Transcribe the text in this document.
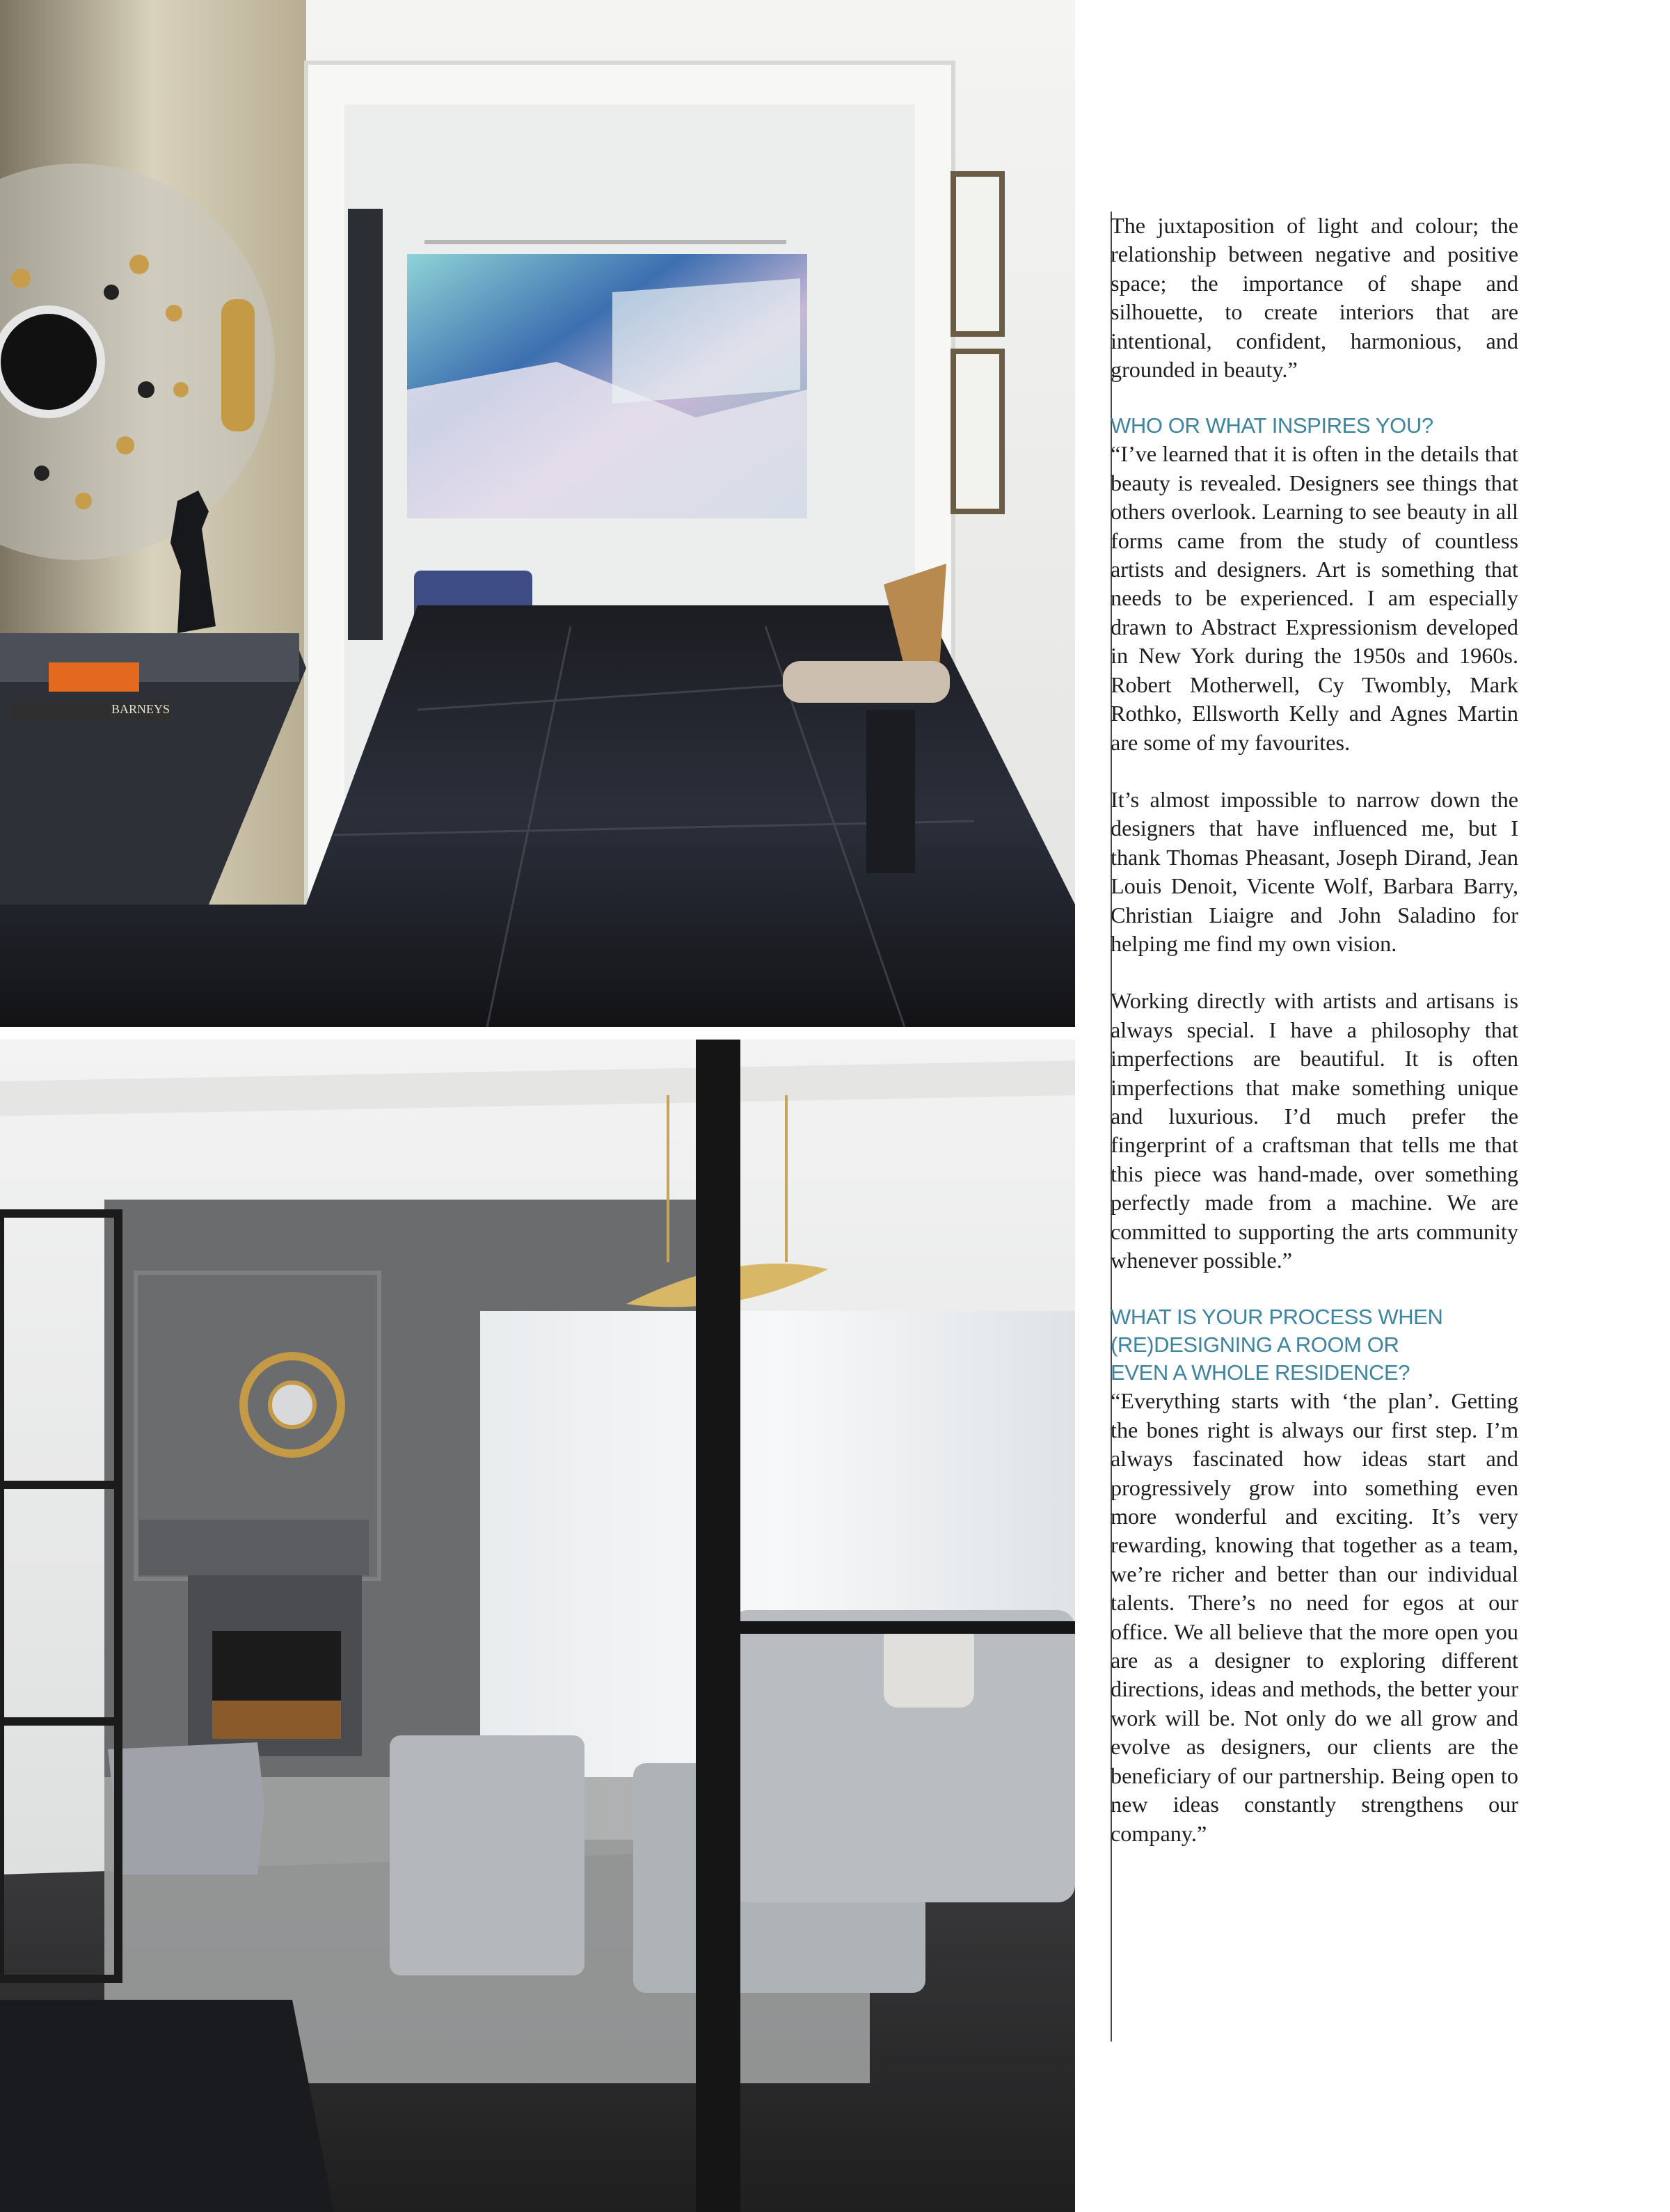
BARNEYS

The juxtaposition of light and colour; the relationship between negative and positive space; the importance of shape and silhouette, to create interiors that are intentional, confident, harmonious, and grounded in beauty.”

WHO OR WHAT INSPIRES YOU?

“I’ve learned that it is often in the details that beauty is revealed. Designers see things that others overlook. Learning to see beauty in all forms came from the study of countless artists and designers. Art is something that needs to be experienced. I am especially drawn to Abstract Expressionism developed in New York during the 1950s and 1960s. Robert Motherwell, Cy Twombly, Mark Rothko, Ellsworth Kelly and Agnes Martin are some of my favourites.

It’s almost impossible to narrow down the designers that have influenced me, but I thank Thomas Pheasant, Joseph Dirand, Jean Louis Denoit, Vicente Wolf, Barbara Barry, Christian Liaigre and John Saladino for helping me find my own vision.

Working directly with artists and artisans is always special. I have a philosophy that imperfections are beautiful. It is often imperfections that make something unique and luxurious. I’d much prefer the fingerprint of a craftsman that tells me that this piece was hand-made, over something perfectly made from a machine. We are committed to supporting the arts community whenever possible.”

WHAT IS YOUR PROCESS WHEN
(RE)DESIGNING A ROOM OR
EVEN A WHOLE RESIDENCE?

“Everything starts with ‘the plan’. Getting the bones right is always our first step. I’m always fascinated how ideas start and progressively grow into something even more wonderful and exciting. It’s very rewarding, knowing that together as a team, we’re richer and better than our individual talents. There’s no need for egos at our office. We all believe that the more open you are as a designer to exploring different directions, ideas and methods, the better your work will be. Not only do we all grow and evolve as designers, our clients are the beneficiary of our partnership. Being open to new ideas constantly strengthens our company.”
